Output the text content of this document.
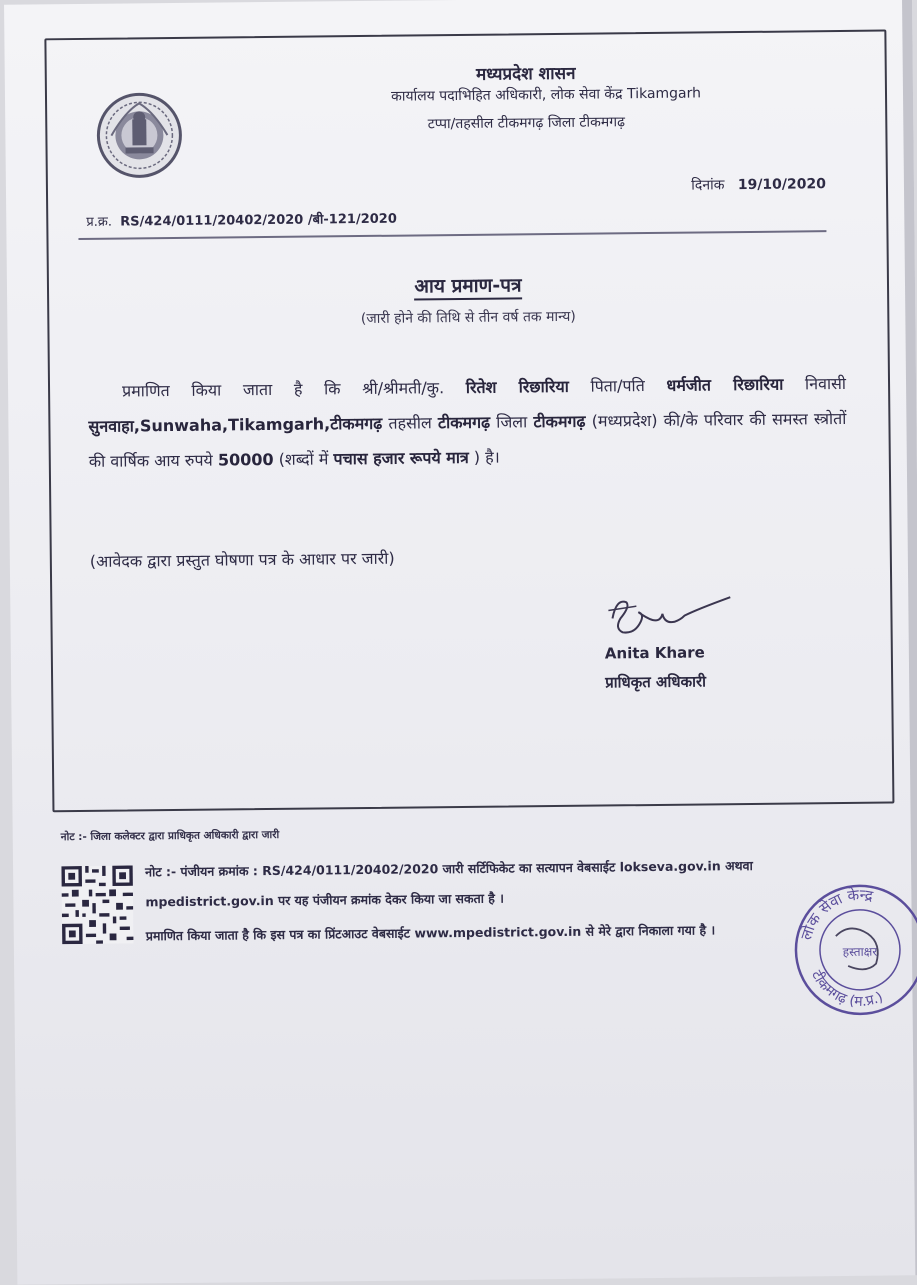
मध्यप्रदेश शासन
कार्यालय पदाभिहित अधिकारी, लोक सेवा केंद्र Tikamgarh
टप्पा/तहसील टीकमगढ़ जिला टीकमगढ़
दिनांक 19/10/2020
प्र.क्र. RS/424/0111/20402/2020 /बी-121/2020
आय प्रमाण-पत्र
(जारी होने की तिथि से तीन वर्ष तक मान्य)

प्रमाणित किया जाता है कि श्री/श्रीमती/कु. रितेश रिछारिया पिता/पति धर्मजीत रिछारिया निवासी सुनवाहा,Sunwaha,Tikamgarh,टीकमगढ़ तहसील टीकमगढ़ जिला टीकमगढ़ (मध्यप्रदेश) की/के परिवार की समस्त स्त्रोतों की वार्षिक आय रुपये 50000 (शब्दों में पचास हजार रूपये मात्र ) है।

(आवेदक द्वारा प्रस्तुत घोषणा पत्र के आधार पर जारी)
Anita Khare
प्राधिकृत अधिकारी
नोट :- जिला कलेक्टर द्वारा प्राधिकृत अधिकारी द्वारा जारी
नोट :- पंजीयन क्रमांक : RS/424/0111/20402/2020 जारी सर्टिफिकेट का सत्यापन वेबसाईट lokseva.gov.in अथवा mpedistrict.gov.in पर यह पंजीयन क्रमांक देकर किया जा सकता है ।
प्रमाणित किया जाता है कि इस पत्र का प्रिंटआउट वेबसाईट www.mpedistrict.gov.in से मेरे द्वारा निकाला गया है ।	लोक सेवा केन्द्र
टीकमगढ़ (म.प्र.)
हस्ताक्षर
